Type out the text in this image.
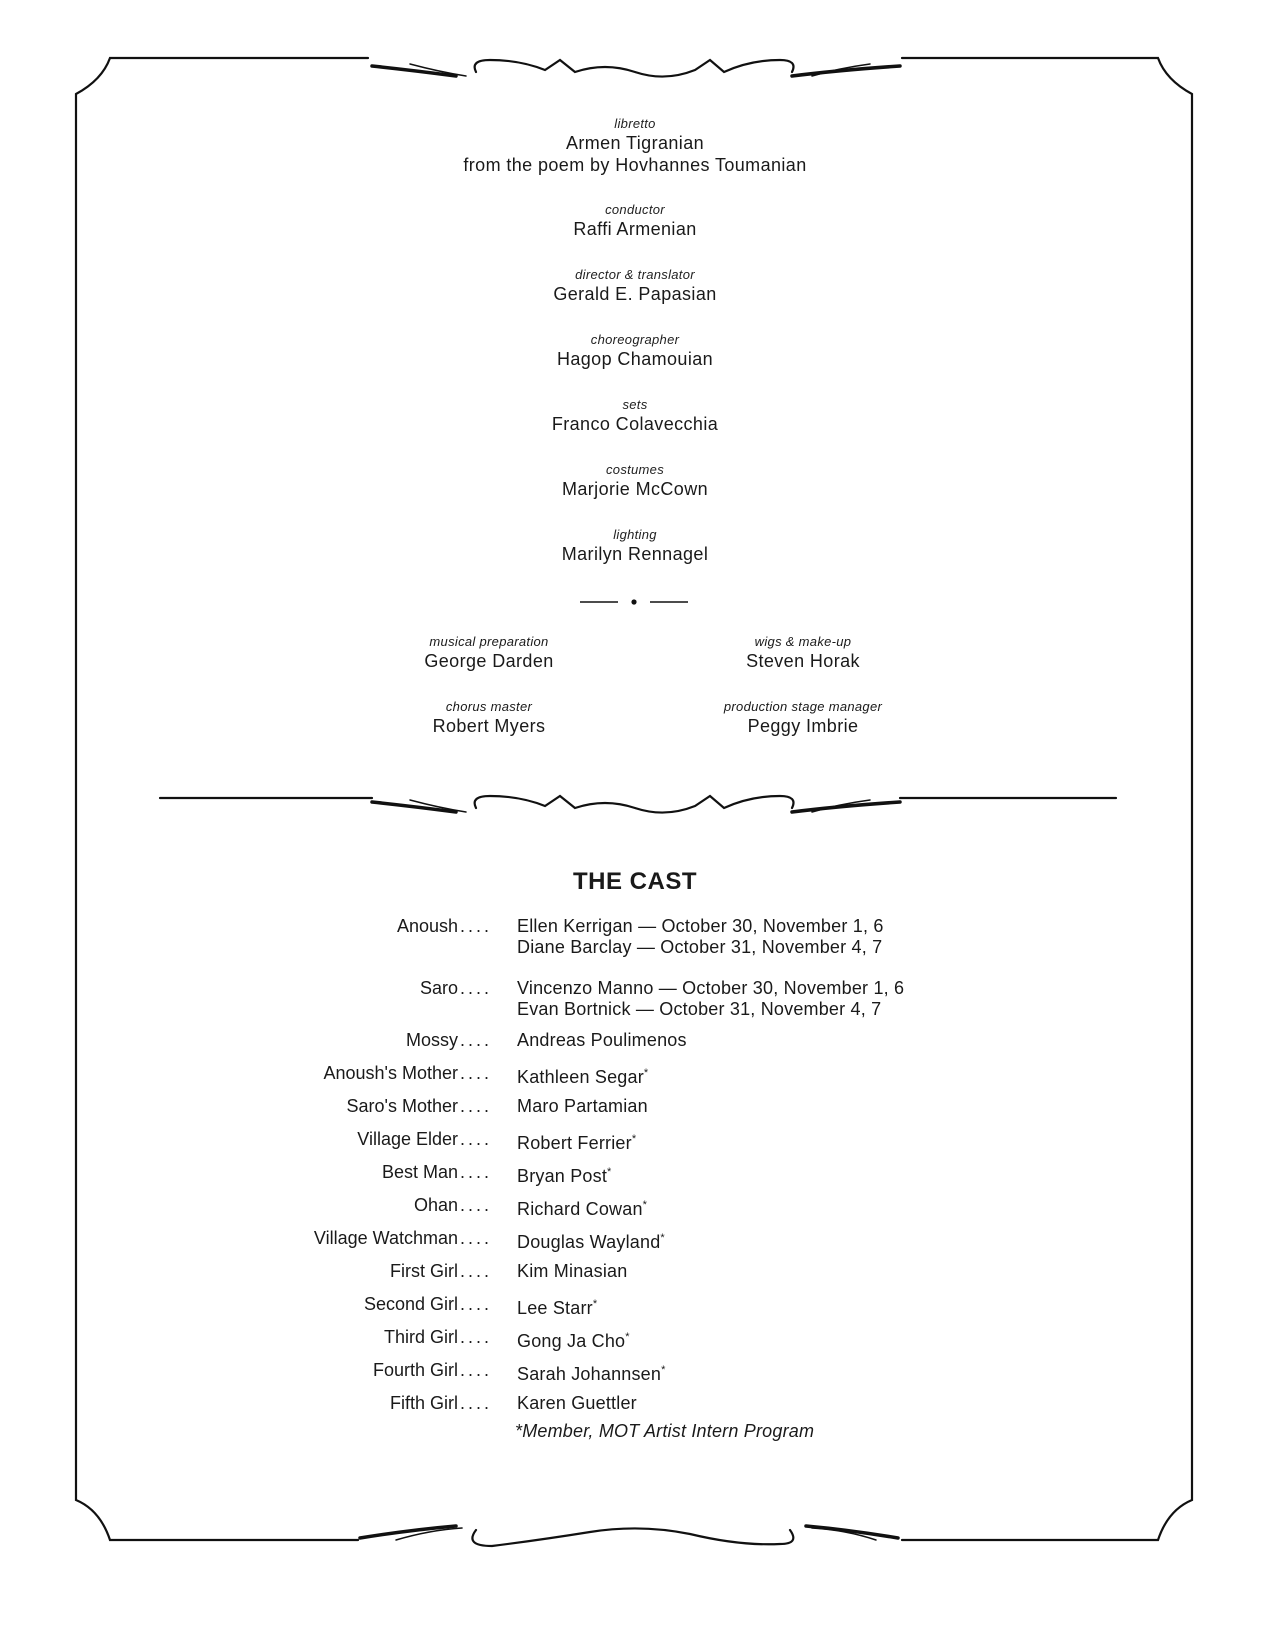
libretto
Armen Tigranian
from the poem by Hovhannes Toumanian
conductor
Raffi Armenian
director & translator
Gerald E. Papasian
choreographer
Hagop Chamouian
sets
Franco Colavecchia
costumes
Marjorie McCown
lighting
Marilyn Rennagel
musical preparation
George Darden
wigs & make-up
Steven Horak
chorus master
Robert Myers
production stage manager
Peggy Imbrie
THE CAST
Anoush ....	Ellen Kerrigan — October 30, November 1, 6
Diane Barclay — October 31, November 4, 7
Saro ....	Vincenzo Manno — October 30, November 1, 6
Evan Bortnick — October 31, November 4, 7
Mossy ....	Andreas Poulimenos
Anoush's Mother ....	Kathleen Segar*
Saro's Mother ....	Maro Partamian
Village Elder ....	Robert Ferrier*
Best Man ....	Bryan Post*
Ohan ....	Richard Cowan*
Village Watchman ....	Douglas Wayland*
First Girl ....	Kim Minasian
Second Girl ....	Lee Starr*
Third Girl ....	Gong Ja Cho*
Fourth Girl ....	Sarah Johannsen*
Fifth Girl ....	Karen Guettler
*Member, MOT Artist Intern Program
